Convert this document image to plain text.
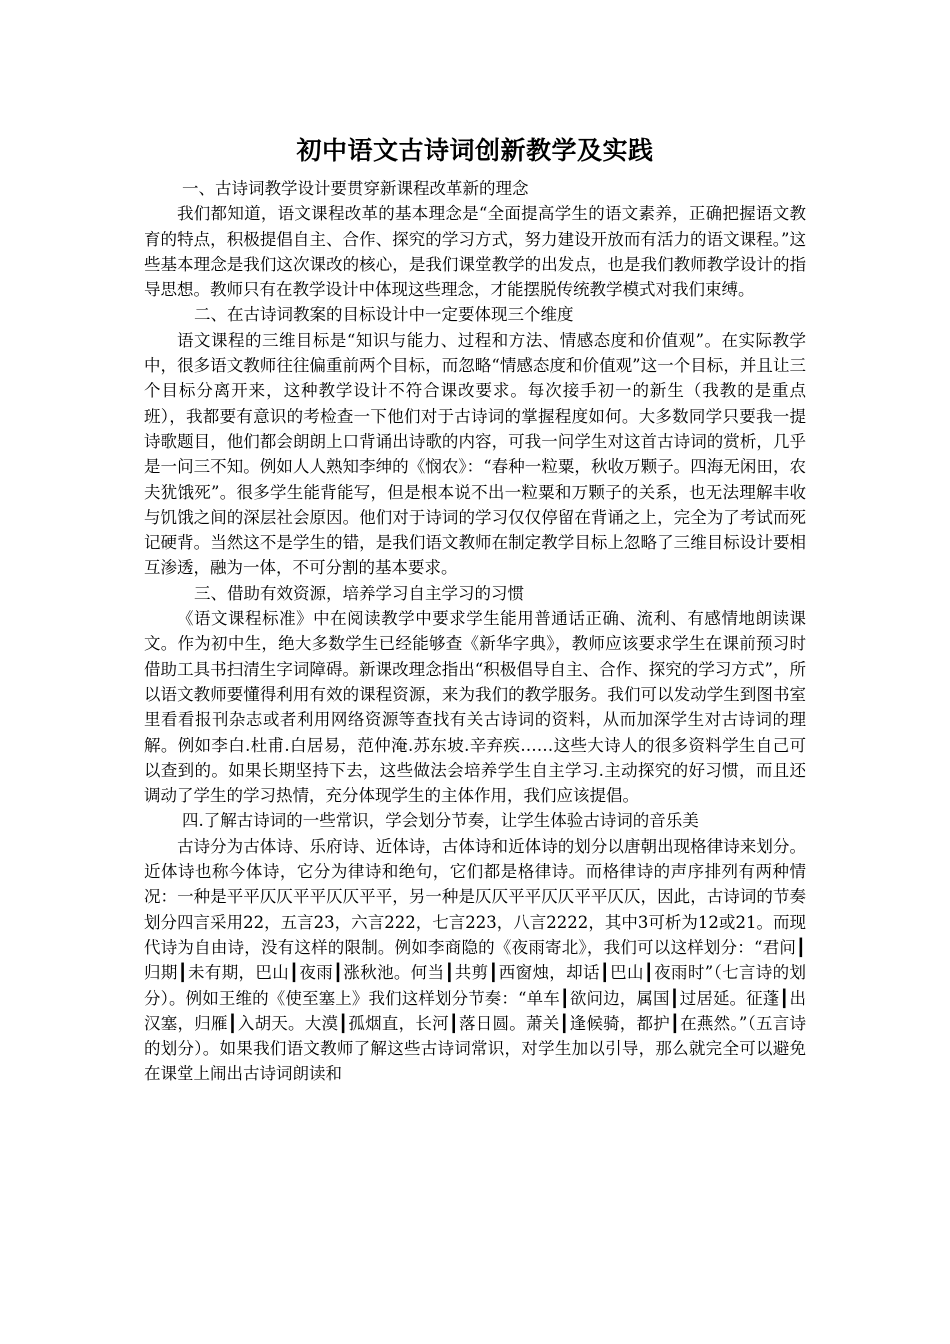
初中语文古诗词创新教学及实践

一、古诗词教学设计要贯穿新课程改革新的理念

我们都知道，语文课程改革的基本理念是“全面提高学生的语文素养，正确把握语文教育的特点，积极提倡自主、合作、探究的学习方式，努力建设开放而有活力的语文课程。”这些基本理念是我们这次课改的核心，是我们课堂教学的出发点，也是我们教师教学设计的指导思想。教师只有在教学设计中体现这些理念，才能摆脱传统教学模式对我们束缚。

二、在古诗词教案的目标设计中一定要体现三个维度

语文课程的三维目标是“知识与能力、过程和方法、情感态度和价值观”。在实际教学中，很多语文教师往往偏重前两个目标，而忽略“情感态度和价值观”这一个目标，并且让三个目标分离开来，这种教学设计不符合课改要求。每次接手初一的新生（我教的是重点班），我都要有意识的考检查一下他们对于古诗词的掌握程度如何。大多数同学只要我一提诗歌题目，他们都会朗朗上口背诵出诗歌的内容，可我一问学生对这首古诗词的赏析，几乎是一问三不知。例如人人熟知李绅的《悯农》：“春种一粒粟，秋收万颗子。四海无闲田，农夫犹饿死”。很多学生能背能写，但是根本说不出一粒粟和万颗子的关系，也无法理解丰收与饥饿之间的深层社会原因。他们对于诗词的学习仅仅停留在背诵之上，完全为了考试而死记硬背。当然这不是学生的错，是我们语文教师在制定教学目标上忽略了三维目标设计要相互渗透，融为一体，不可分割的基本要求。

三、借助有效资源，培养学习自主学习的习惯

《语文课程标准》中在阅读教学中要求学生能用普通话正确、流利、有感情地朗读课文。作为初中生，绝大多数学生已经能够查《新华字典》，教师应该要求学生在课前预习时借助工具书扫清生字词障碍。新课改理念指出“积极倡导自主、合作、探究的学习方式”，所以语文教师要懂得利用有效的课程资源，来为我们的教学服务。我们可以发动学生到图书室里看看报刊杂志或者利用网络资源等查找有关古诗词的资料，从而加深学生对古诗词的理解。例如李白.杜甫.白居易，范仲淹.苏东坡.辛弃疾……这些大诗人的很多资料学生自己可以查到的。如果长期坚持下去，这些做法会培养学生自主学习.主动探究的好习惯，而且还调动了学生的学习热情，充分体现学生的主体作用，我们应该提倡。

四.了解古诗词的一些常识，学会划分节奏，让学生体验古诗词的音乐美

古诗分为古体诗、乐府诗、近体诗，古体诗和近体诗的划分以唐朝出现格律诗来划分。近体诗也称今体诗，它分为律诗和绝句，它们都是格律诗。而格律诗的声序排列有两种情况：一种是平平仄仄平平仄仄平平，另一种是仄仄平平仄仄平平仄仄，因此，古诗词的节奏划分四言采用22，五言23，六言222，七言223，八言2222，其中3可析为12或21。而现代诗为自由诗，没有这样的限制。例如李商隐的《夜雨寄北》，我们可以这样划分：“君问┃归期┃未有期，巴山┃夜雨┃涨秋池。何当┃共剪┃西窗烛，却话┃巴山┃夜雨时”（七言诗的划分）。例如王维的《使至塞上》我们这样划分节奏：“单车┃欲问边，属国┃过居延。征蓬┃出汉塞，归雁┃入胡天。大漠┃孤烟直，长河┃落日圆。萧关┃逢候骑，都护┃在燕然。”（五言诗的划分）。如果我们语文教师了解这些古诗词常识，对学生加以引导，那么就完全可以避免在课堂上闹出古诗词朗读和
